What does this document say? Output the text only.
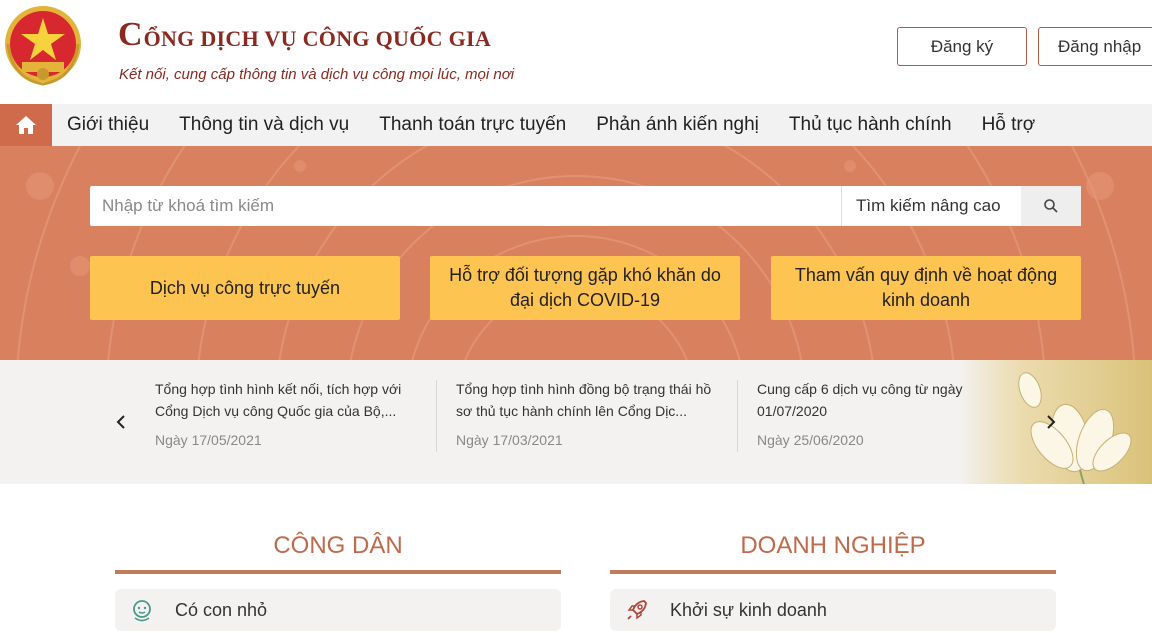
C ỔNG DỊCH VỤ CÔNG QUỐC GIA
Kết nối, cung cấp thông tin và dịch vụ công mọi lúc, mọi nơi
Đăng ký	Đăng nhập
Giới thiệu	Thông tin và dịch vụ	Thanh toán trực tuyến	Phản ánh kiến nghị	Thủ tục hành chính	Hỗ trợ
Nhập từ khoá tìm kiếm
Tìm kiếm nâng cao
Dịch vụ công trực tuyến
Hỗ trợ đối tượng gặp khó khăn do đại dịch COVID-19
Tham vấn quy định về hoạt động kinh doanh
Tổng hợp tình hình kết nối, tích hợp với Cổng Dịch vụ công Quốc gia của Bộ,...
Ngày 17/05/2021
Tổng hợp tình hình đồng bộ trạng thái hồ sơ thủ tục hành chính lên Cổng Dịc...
Ngày 17/03/2021
Cung cấp 6 dịch vụ công từ ngày 01/07/2020
Ngày 25/06/2020
CÔNG DÂN	DOANH NGHIỆP
Có con nhỏ	Khởi sự kinh doanh
